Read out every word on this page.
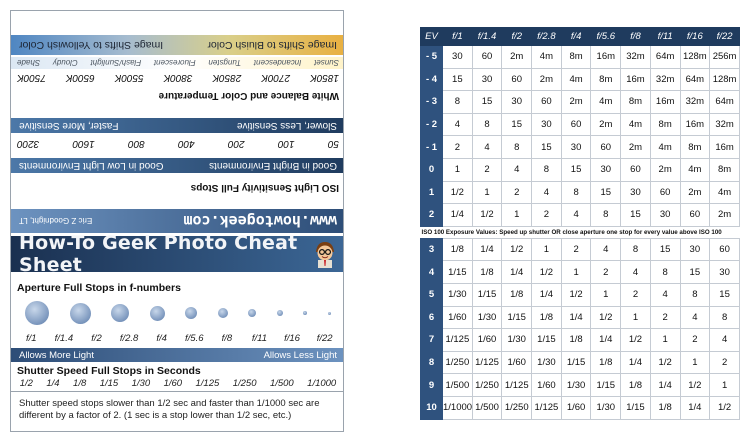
www.howtogeek.com
Eric Z Goodnight, LT
ISO Light Sensitivity Full Stops
Good in Bright Environments
Good in Low Light Environments
50
100
200
400
800
1600
3200
Slower, Less Sensitive
Faster, More Sensitive
White Balance and Color Temperature
1850K
2700K
2850K
3800K
5500K
6500K
7500K
Sunset
Incandescent
Tungsten
Fluorescent
Flash/Sunlight
Cloudy
Shade
Image Shifts to Bluish Color
Image Shifts to Yellowish Color
How-To Geek Photo Cheat Sheet
Aperture Full Stops in f-numbers
f/1	f/1.4	f/2	f/2.8	f/4	f/5.6	f/8	f/11	f/16	f/22
Allows More Light	Allows Less Light
Shutter Speed Full Stops in Seconds
1/2 1/4 1/8 1/15 1/30 1/60 1/125 1/250 1/500 1/1000
Shutter speed stops slower than 1/2 sec and faster than 1/1000 sec are different by a factor of 2. (1 sec is a stop lower than 1/2 sec, etc.)
EV	f/1	f/1.4	f/2	f/2.8	f/4	f/5.6	f/8	f/11	f/16	f/22
- 5	30	60	2m	4m	8m	16m	32m	64m	128m	256m
- 4	15	30	60	2m	4m	8m	16m	32m	64m	128m
- 3	8	15	30	60	2m	4m	8m	16m	32m	64m
- 2	4	8	15	30	60	2m	4m	8m	16m	32m
- 1	2	4	8	15	30	60	2m	4m	8m	16m
0	1	2	4	8	15	30	60	2m	4m	8m
1	1/2	1	2	4	8	15	30	60	2m	4m
2	1/4	1/2	1	2	4	8	15	30	60	2m
ISO 100 Exposure Values: Speed up shutter OR close aperture one stop for every value above ISO 100										
3	1/8	1/4	1/2	1	2	4	8	15	30	60
4	1/15	1/8	1/4	1/2	1	2	4	8	15	30
5	1/30	1/15	1/8	1/4	1/2	1	2	4	8	15
6	1/60	1/30	1/15	1/8	1/4	1/2	1	2	4	8
7	1/125	1/60	1/30	1/15	1/8	1/4	1/2	1	2	4
8	1/250	1/125	1/60	1/30	1/15	1/8	1/4	1/2	1	2
9	1/500	1/250	1/125	1/60	1/30	1/15	1/8	1/4	1/2	1
10	1/1000	1/500	1/250	1/125	1/60	1/30	1/15	1/8	1/4	1/2
